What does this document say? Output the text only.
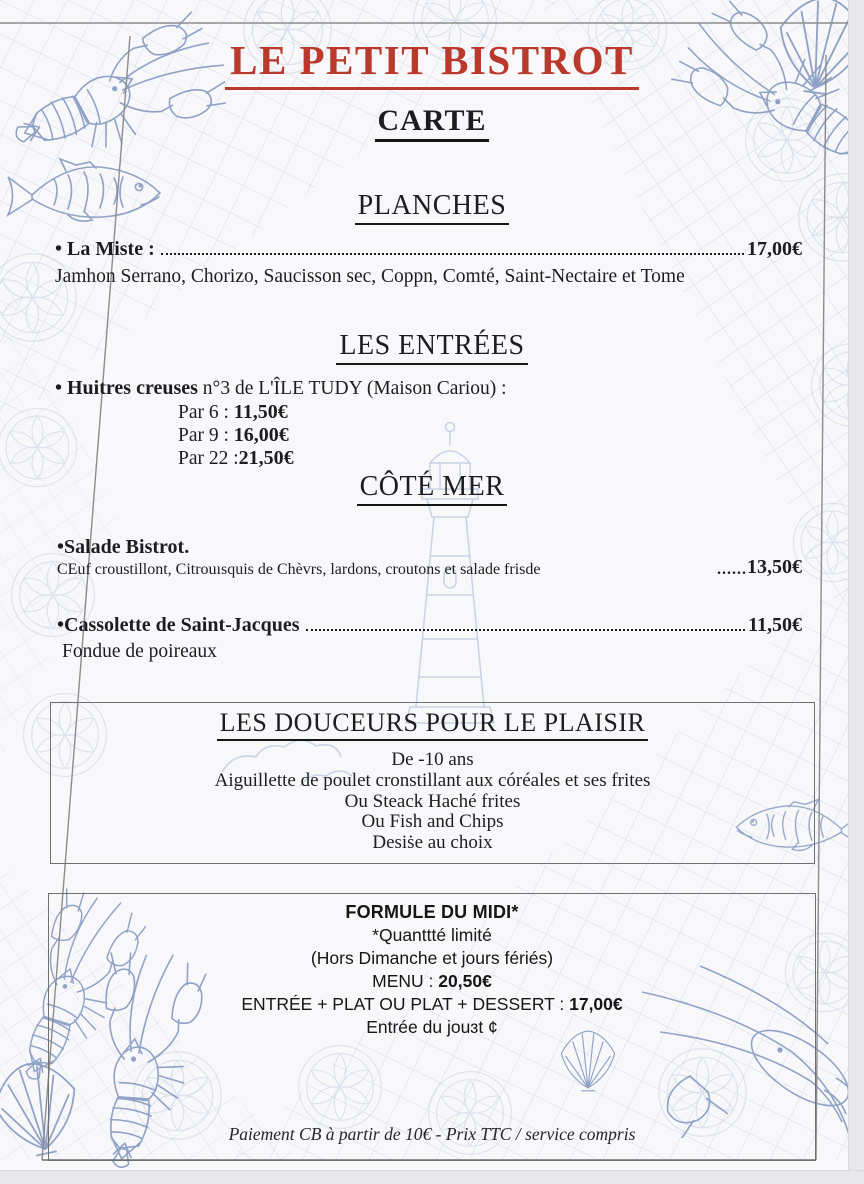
LE PETIT BISTROT
CARTE
PLANCHES
• La Miste :	17,00€
Jamhon Serrano, Chorizo, Saucisson sec, Coppn, Comté, Saint-Nectaire et Tome
LES ENTRÉES
• Huitres creuses n°3 de L'ÎLE TUDY (Maison Cariou) :
Par 6 : 11,50€
Par 9 : 16,00€
Par 22 :21,50€
CÔTÉ MER
•Salade Bistrot.
CEuf croustillont, Citrouısquis de Chèvrs, lardons, croutons et salade frisde	...... 13,50€
•Cassolette de Saint-Jacques	11,50€
Fondue de poireaux
LES DOUCEURS POUR LE PLAISIR
De -10 ans
Aiguillette de poulet cronstillant aux córéales et ses frites
Ou Steack Haché frites
Ou Fish and Chips
Desiṡe au choix
FORMULE DU MIDI*
*Quanttté limité
(Hors Dimanche et jours fériés)
MENU : 20,50€
ENTRÉE + PLAT OU PLAT + DESSERT : 17,00€
Entrée du jouɜt ¢
Paiement CB à partir de 10€ - Prix TTC / service compris
